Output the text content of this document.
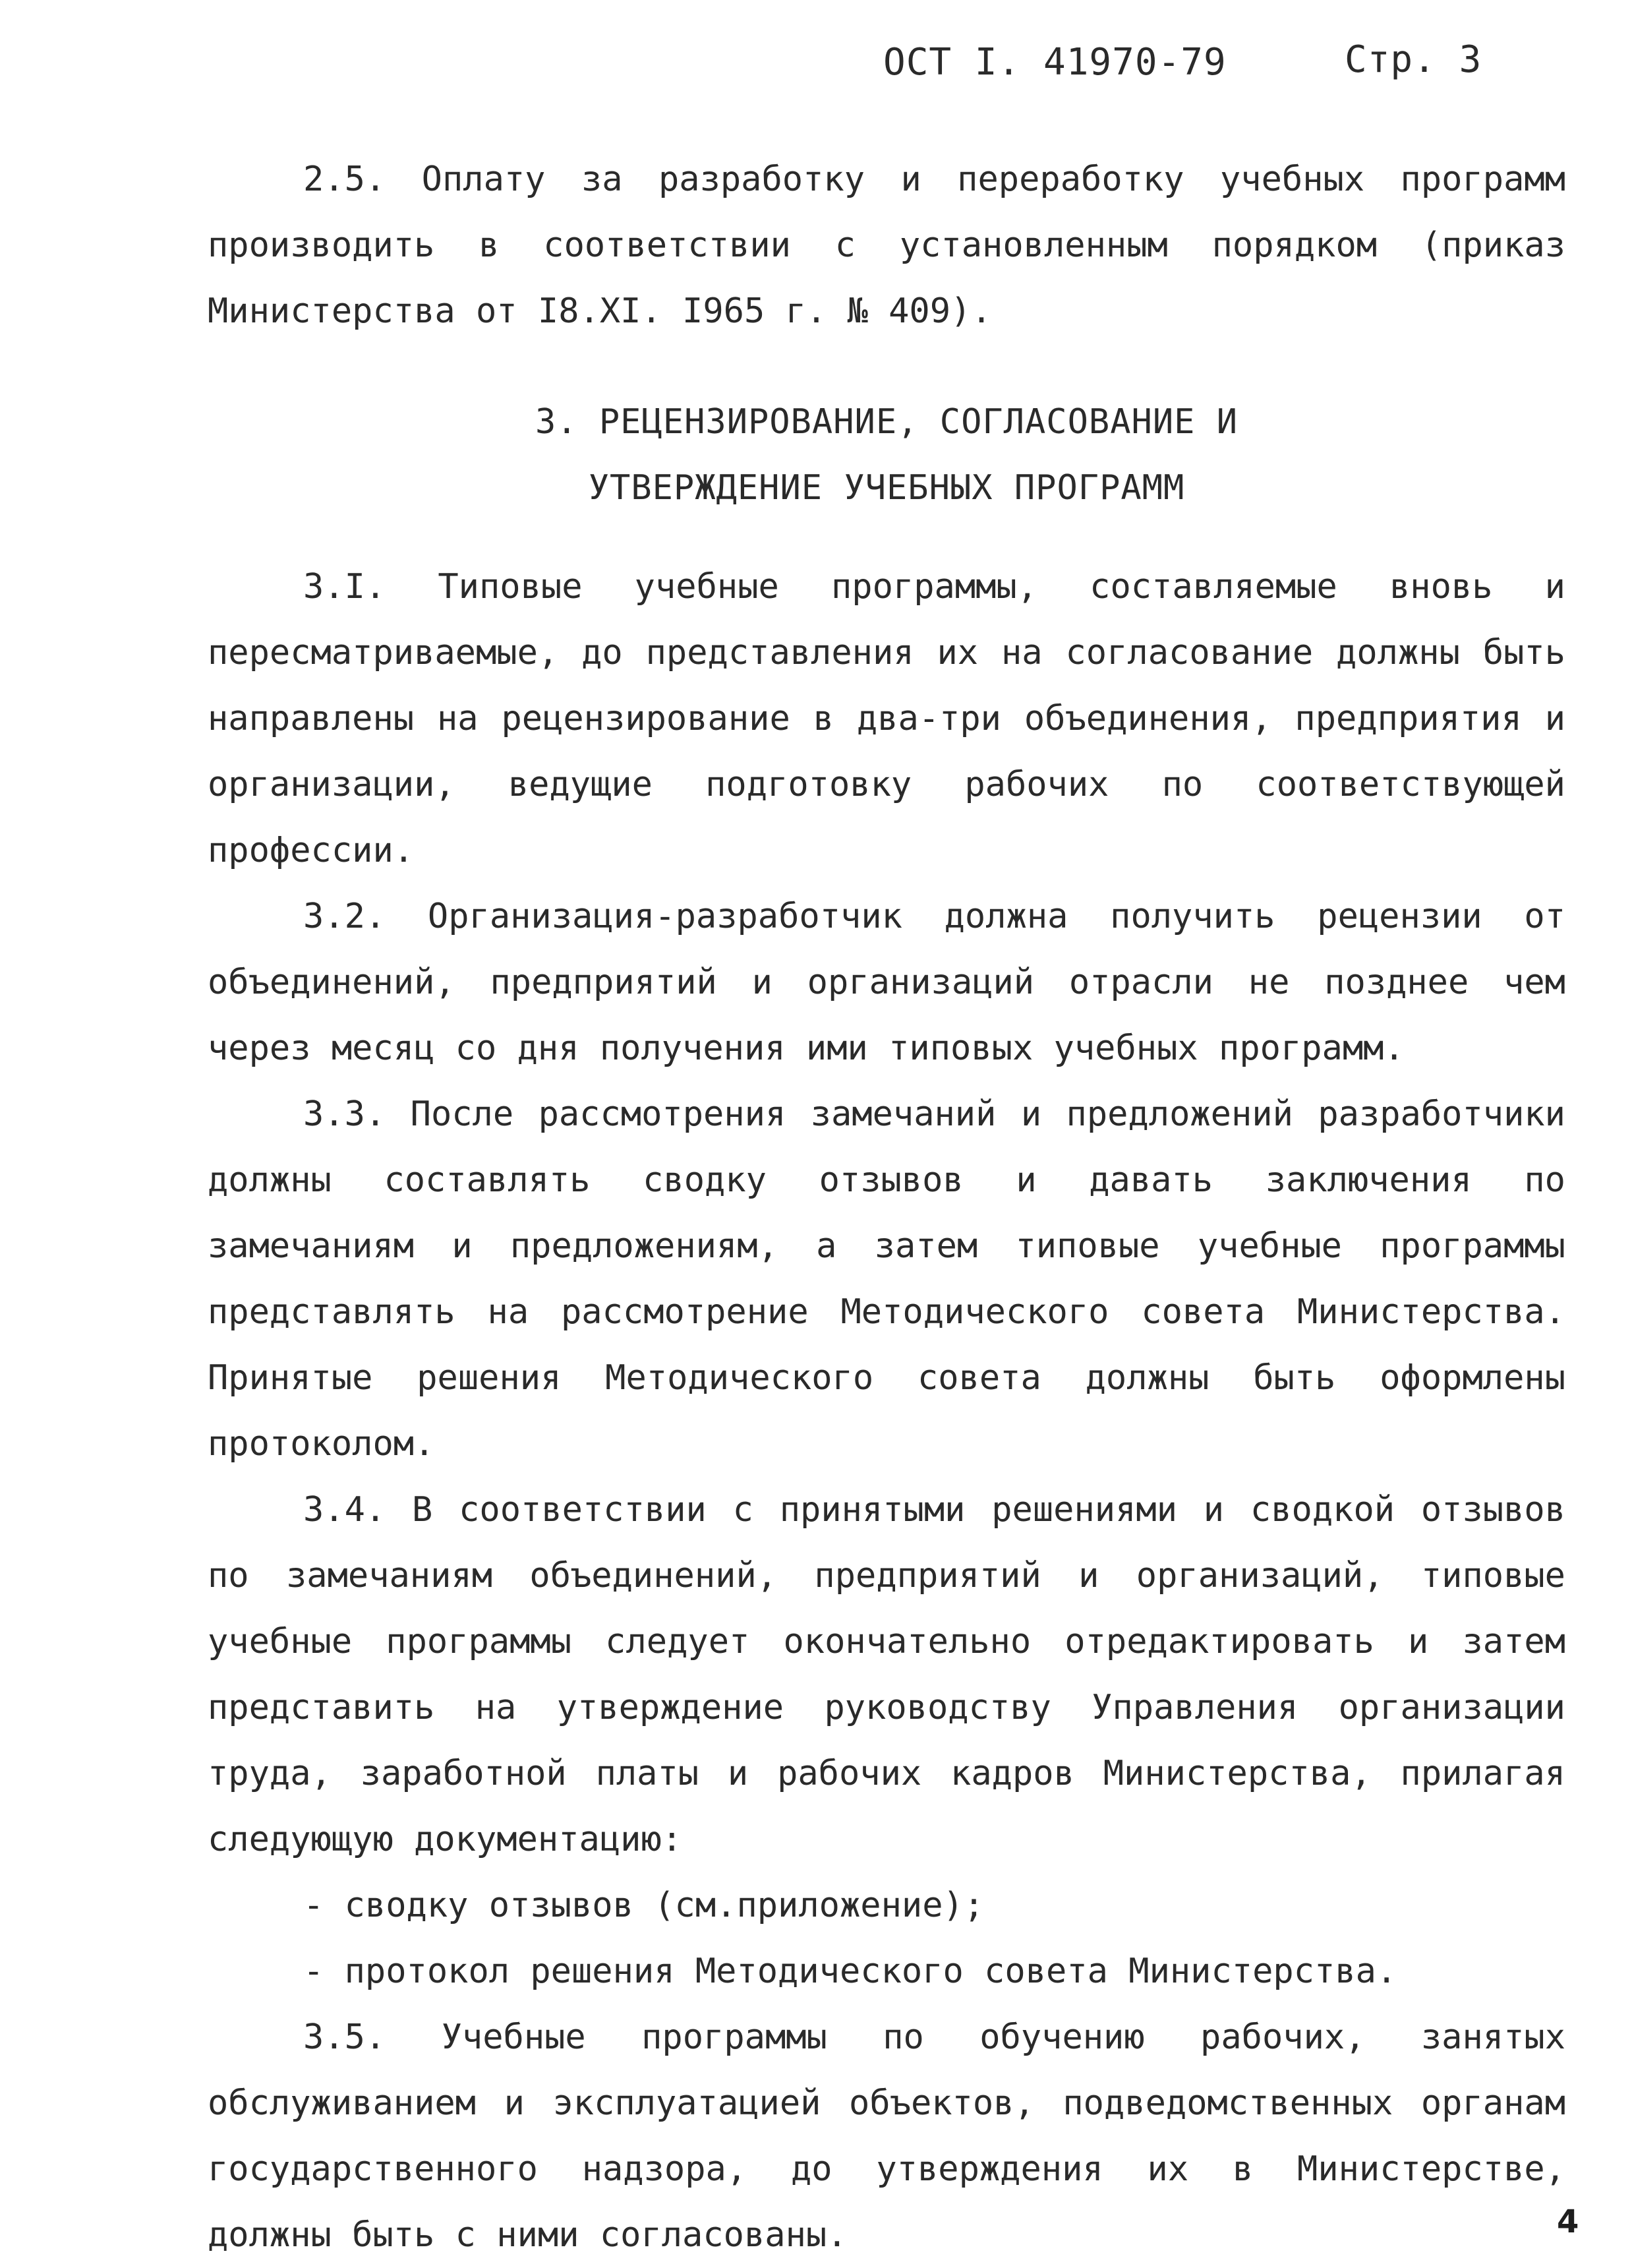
ОСТ I. 41970-79	Стр. 3

2.5. Оплату за разработку и переработку учебных программ производить в соответствии с установленным порядком (приказ Министерства от I8.XI. I965 г. № 409).

3. РЕЦЕНЗИРОВАНИЕ, СОГЛАСОВАНИЕ И
УТВЕРЖДЕНИЕ УЧЕБНЫХ ПРОГРАММ

3.I. Типовые учебные программы, составляемые вновь и пересматриваемые, до представления их на согласование должны быть направлены на рецензирование в два-три объединения, предприятия и организации, ведущие подготовку рабочих по соответствующей профессии.

3.2. Организация-разработчик должна получить рецензии от объединений, предприятий и организаций отрасли не позднее чем через месяц со дня получения ими типовых учебных программ.

3.3. После рассмотрения замечаний и предложений разработчики должны составлять сводку отзывов и давать заключения по замечаниям и предложениям, а затем типовые учебные программы представлять на рассмотрение Методического совета Министерства. Принятые решения Методического совета должны быть оформлены протоколом.

3.4. В соответствии с принятыми решениями и сводкой отзывов по замечаниям объединений, предприятий и организаций, типовые учебные программы следует окончательно отредактировать и затем представить на утверждение руководству Управления организации труда, заработной платы и рабочих кадров Министерства, прилагая следующую документацию:

- сводку отзывов (см.приложение);

- протокол решения Методического совета Министерства.

3.5. Учебные программы по обучению рабочих, занятых обслуживанием и эксплуатацией объектов, подведомственных органам государственного надзора, до утверждения их в Министерстве, должны быть с ними согласованы.	4
